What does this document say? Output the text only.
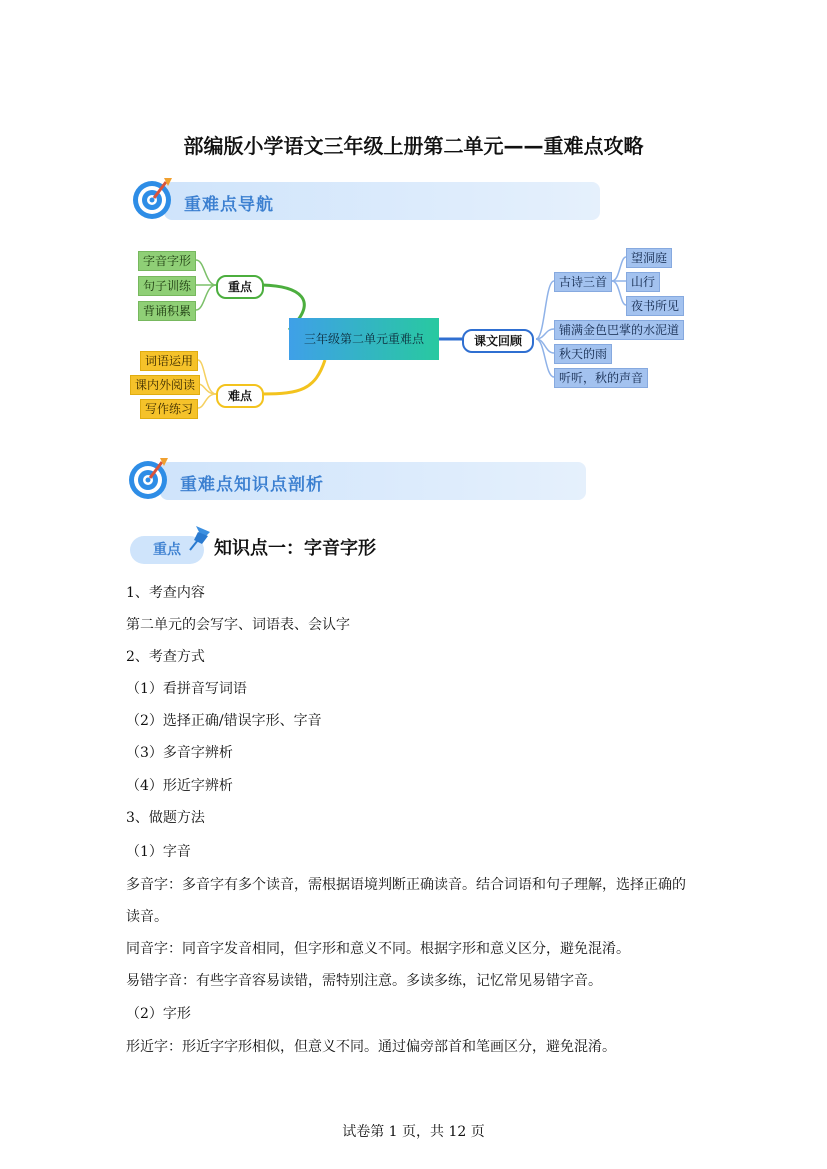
部编版小学语文三年级上册第二单元——重难点攻略
重难点导航
三年级第二单元重难点
重点
字音字形
句子训练
背诵积累
难点
词语运用
课内外阅读
写作练习
课文回顾
古诗三首
望洞庭
山行
夜书所见
铺满金色巴掌的水泥道
秋天的雨
听听，秋的声音
重难点知识点剖析
重点	知识点一：字音字形
1、考查内容
第二单元的会写字、词语表、会认字
2、考查方式
（1）看拼音写词语
（2）选择正确/错误字形、字音
（3）多音字辨析
（4）形近字辨析
3、做题方法
（1）字音
多音字：多音字有多个读音，需根据语境判断正确读音。结合词语和句子理解，选择正确的
读音。
同音字：同音字发音相同，但字形和意义不同。根据字形和意义区分，避免混淆。
易错字音：有些字音容易读错，需特别注意。多读多练，记忆常见易错字音。
（2）字形
形近字：形近字字形相似，但意义不同。通过偏旁部首和笔画区分，避免混淆。
试卷第 1 页，共 12 页
